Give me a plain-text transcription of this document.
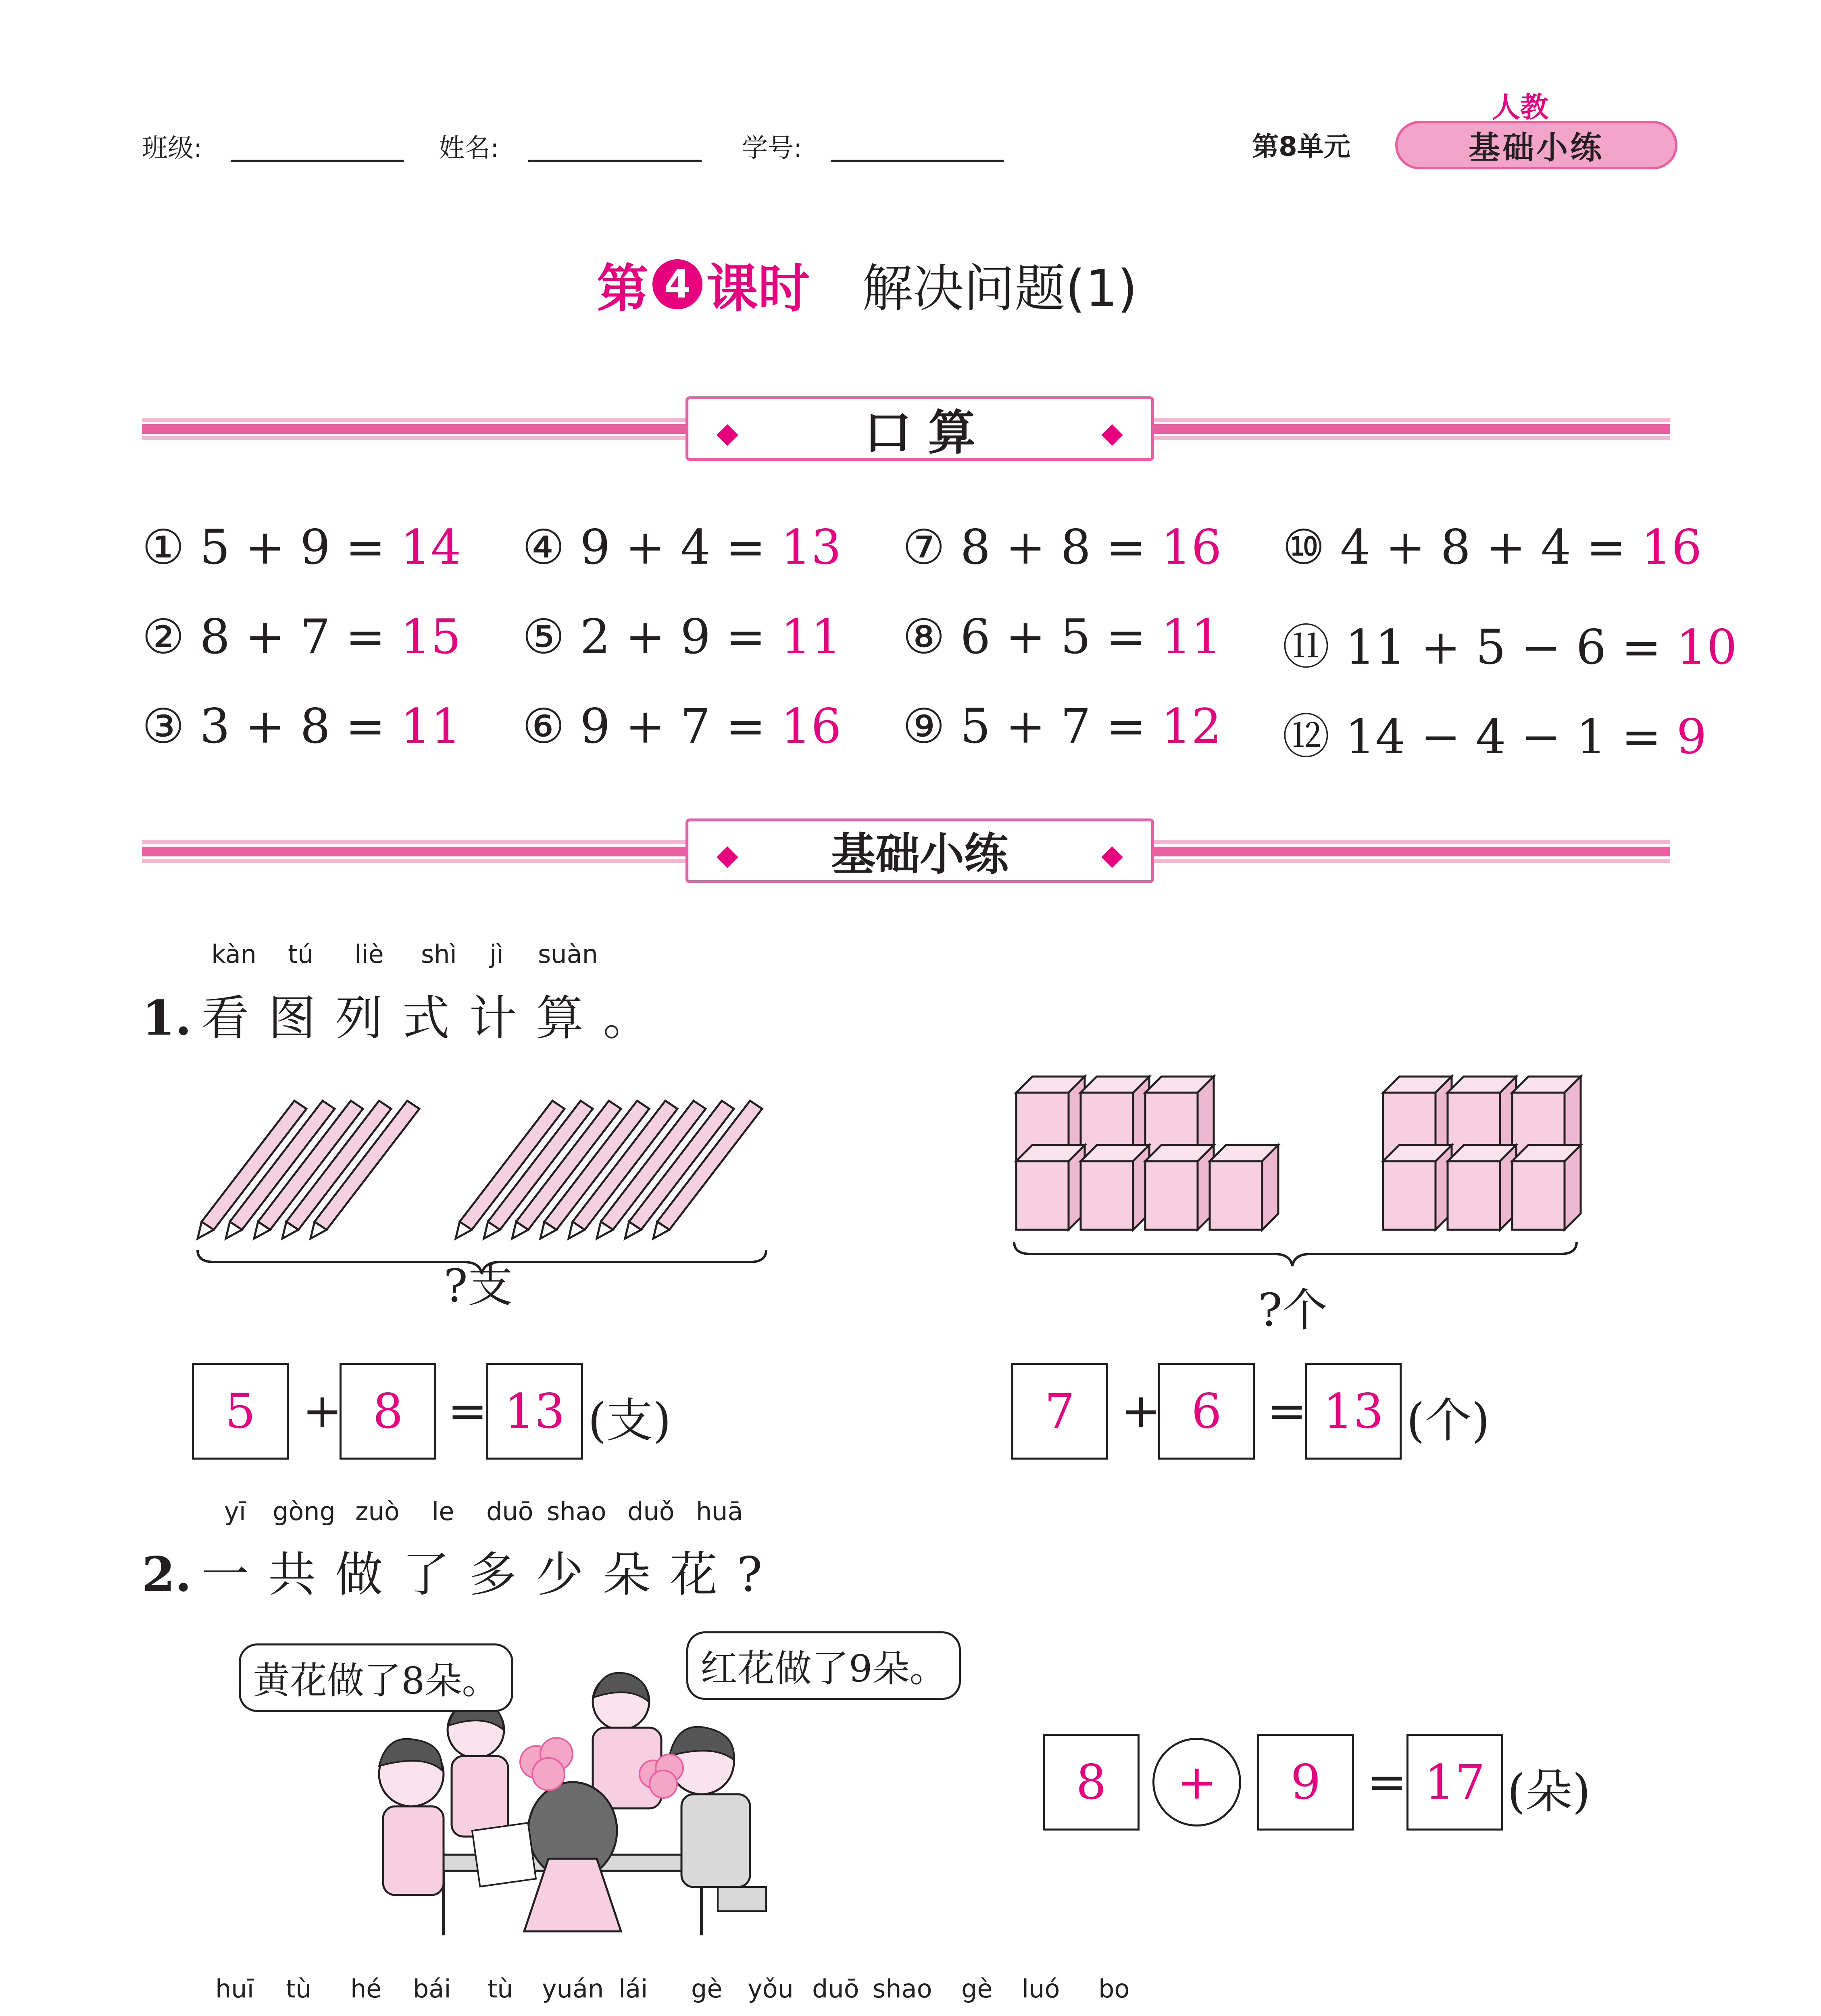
班级:	姓名:	学号:	第8单元	基础小练
人教
第 4 课时 解决问题(1)
◆	口 算	◆
① 5 + 9 = 14 ④ 9 + 4 = 13 ⑦ 8 + 8 = 16 ⑩ 4 + 8 + 4 = 16
② 8 + 7 = 15 ⑤ 2 + 9 = 11 ⑧ 6 + 5 = 11 ⑪ 11 + 5 − 6 = 10
③ 3 + 8 = 11 ⑥ 9 + 7 = 16 ⑨ 5 + 7 = 12 ⑫ 14 − 4 − 1 = 9
◆ 基础小练	◆
kàn tú liè shì jì suàn
1. 看图列式计算。
?支	?个
5 + 8 = 13 (支)	7 + 6 = 13 (个)
yī gòng zuò le duō shao duǒ huā
2. 一共做了多少朵花?
黄花做了8朵。	红花做了9朵。
8	+	9 = 17 (朵)
huī tù hé bái tù yuán lái gè yǒu duō shao gè luó bo
